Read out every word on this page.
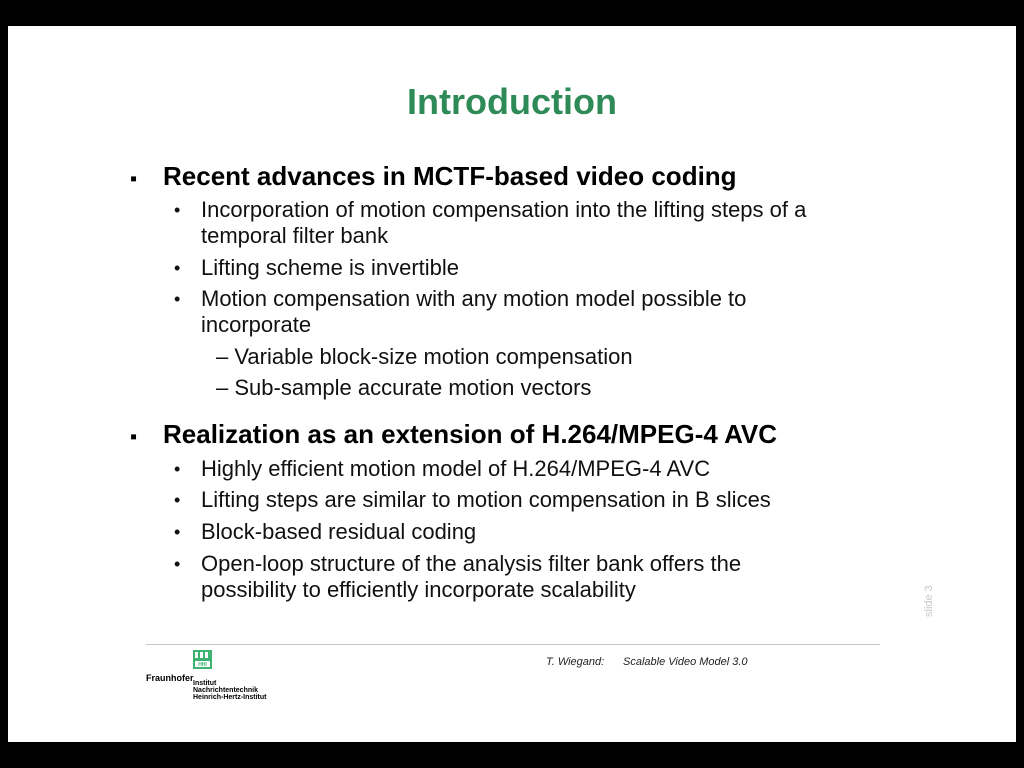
Introduction
▪ Recent advances in MCTF-based video coding
• Incorporation of motion compensation into the lifting steps of a
temporal filter bank
• Lifting scheme is invertible
• Motion compensation with any motion model possible to
incorporate
– Variable block-size motion compensation
– Sub-sample accurate motion vectors
▪ Realization as an extension of H.264/MPEG-4 AVC
• Highly efficient motion model of H.264/MPEG-4 AVC
• Lifting steps are similar to motion compensation in B slices
• Block-based residual coding
• Open-loop structure of the analysis filter bank offers the
possibility to efficiently incorporate scalability	slide 3
T. Wiegand: Scalable Video Model 3.0
HHI
Fraunhofer
Institut
Nachrichtentechnik
Heinrich-Hertz-Institut
